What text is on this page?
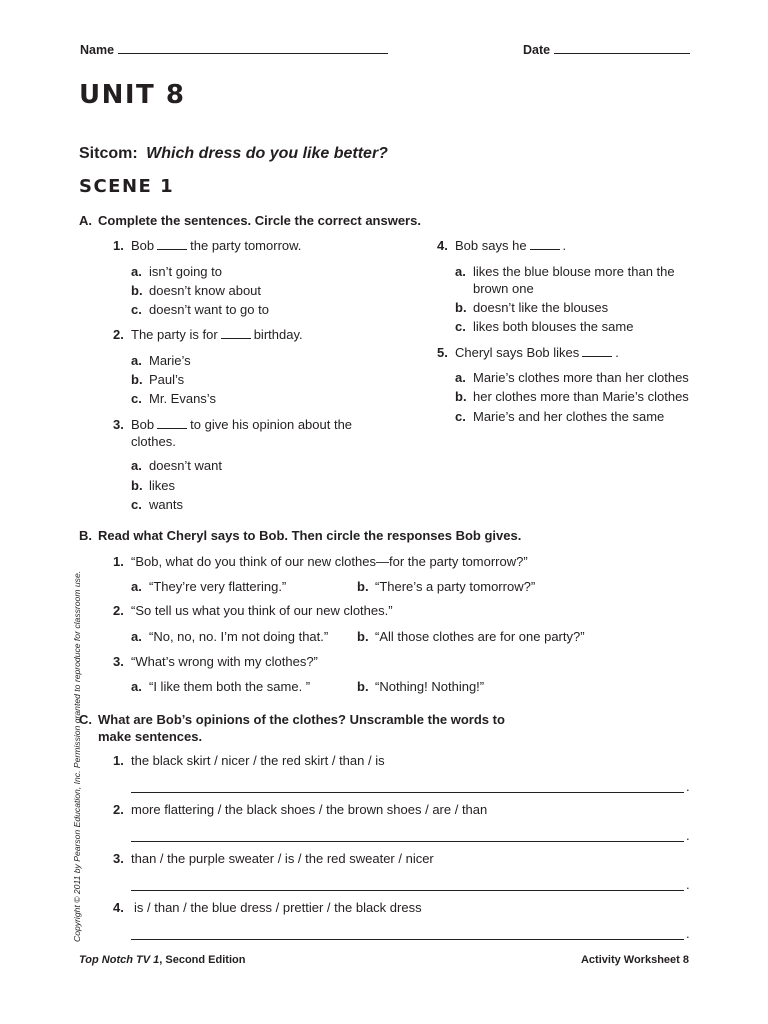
Name	Date
UNIT 8
Sitcom: Which dress do you like better?
SCENE 1
A. Complete the sentences. Circle the correct answers.
1. Bob	the party tomorrow.
a. isn’t going to
b. doesn’t know about
c. doesn’t want to go to
2. The party is for	birthday.
a. Marie’s
b. Paul’s
c. Mr. Evans’s
3. Bob	to give his opinion about the
clothes.
a. doesn’t want
b. likes
c. wants
4. Bob says he	.
a. likes the blue blouse more than the
brown one
b. doesn’t like the blouses
c. likes both blouses the same
5. Cheryl says Bob likes	.
a. Marie’s clothes more than her clothes
b. her clothes more than Marie’s clothes
c. Marie’s and her clothes the same
B. Read what Cheryl says to Bob. Then circle the responses Bob gives.
1. “Bob, what do you think of our new clothes—for the party tomorrow?”
a. “They’re very flattering.”	b. “There’s a party tomorrow?”
2. “So tell us what you think of our new clothes.”
a. “No, no, no. I’m not doing that.” b. “All those clothes are for one party?”
3. “What’s wrong with my clothes?”
a. “I like them both the same. ”	b. “Nothing! Nothing!”
C. What are Bob’s opinions of the clothes? Unscramble the words to
make sentences.
1. the black skirt / nicer / the red skirt / than / is
.
2. more flattering / the black shoes / the brown shoes / are / than
.
3. than / the purple sweater / is / the red sweater / nicer
.
4. is / than / the blue dress / prettier / the black dress
.
Top Notch TV 1, Second Edition	Activity Worksheet 8
Copyright © 2011 by Pearson Education, Inc. Permission granted to reproduce for classroom use.
